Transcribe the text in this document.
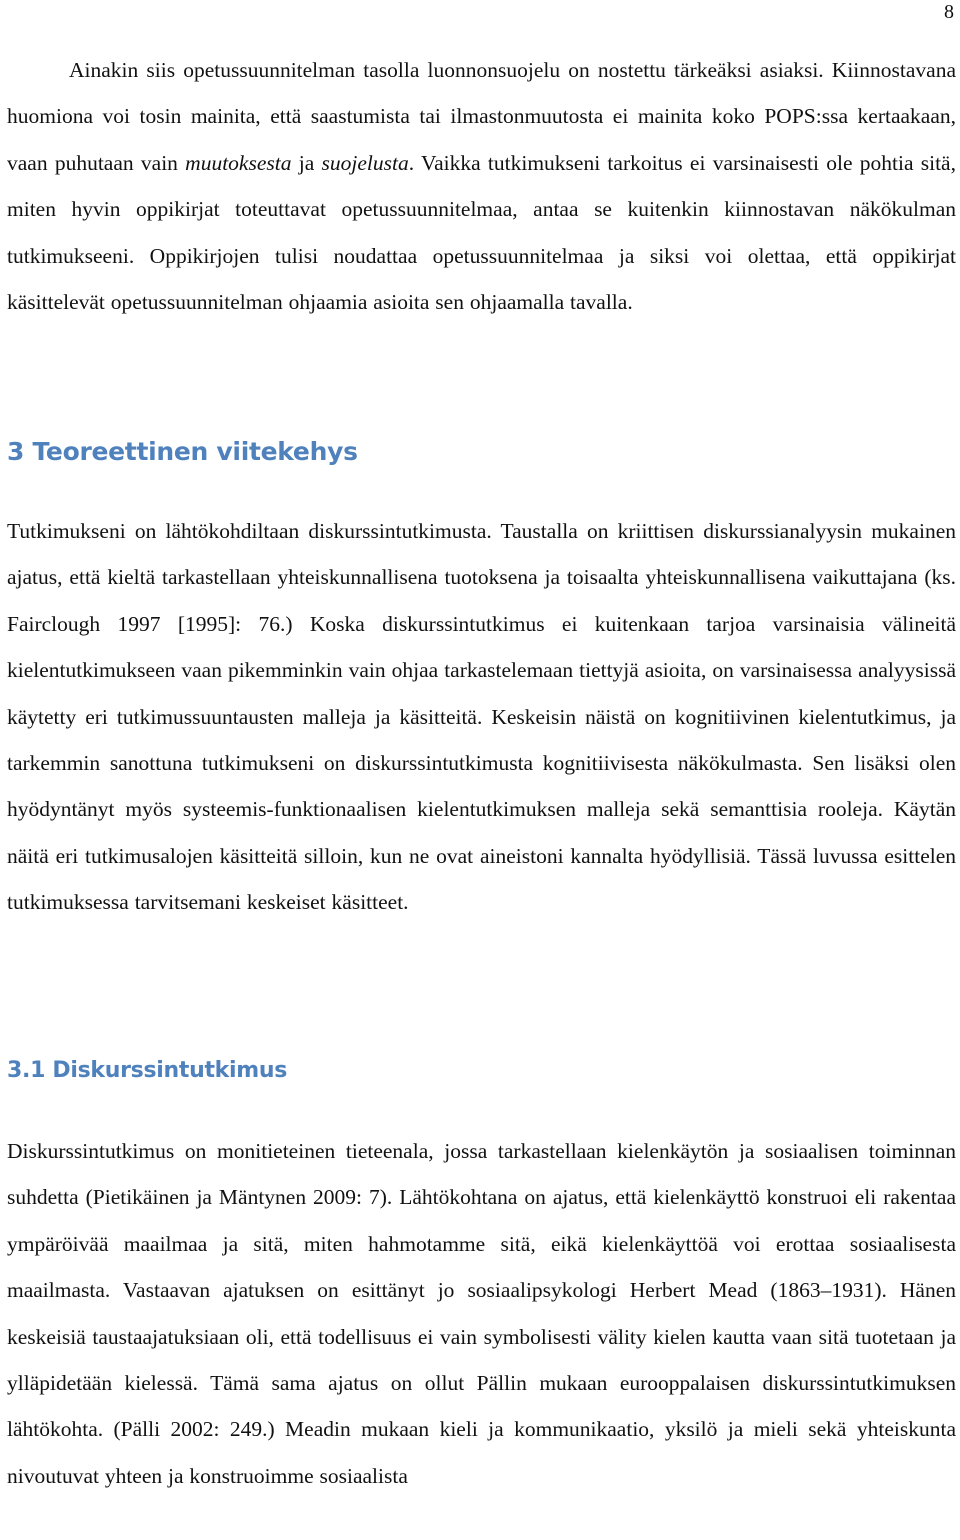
8

Ainakin siis opetussuunnitelman tasolla luonnonsuojelu on nostettu tärkeäksi asiaksi. Kiinnostavana huomiona voi tosin mainita, että saastumista tai ilmastonmuutosta ei mainita koko POPS:ssa kertaakaan, vaan puhutaan vain muutoksesta ja suojelusta. Vaikka tutkimukseni tarkoitus ei varsinaisesti ole pohtia sitä, miten hyvin oppikirjat toteuttavat opetussuunnitelmaa, antaa se kuitenkin kiinnostavan näkökulman tutkimukseeni. Oppikirjojen tulisi noudattaa opetussuunnitelmaa ja siksi voi olettaa, että oppikirjat käsittelevät opetussuunnitelman ohjaamia asioita sen ohjaamalla tavalla.

3 Teoreettinen viitekehys

Tutkimukseni on lähtökohdiltaan diskurssintutkimusta. Taustalla on kriittisen diskurssianalyysin mukainen ajatus, että kieltä tarkastellaan yhteiskunnallisena tuotoksena ja toisaalta yhteiskunnallisena vaikuttajana (ks. Fairclough 1997 [1995]: 76.) Koska diskurssintutkimus ei kuitenkaan tarjoa varsinaisia välineitä kielentutkimukseen vaan pikemminkin vain ohjaa tarkastelemaan tiettyjä asioita, on varsinaisessa analyysissä käytetty eri tutkimussuuntausten malleja ja käsitteitä. Keskeisin näistä on kognitiivinen kielentutkimus, ja tarkemmin sanottuna tutkimukseni on diskurssintutkimusta kognitiivisesta näkökulmasta. Sen lisäksi olen hyödyntänyt myös systeemis-funktionaalisen kielentutkimuksen malleja sekä semanttisia rooleja. Käytän näitä eri tutkimusalojen käsitteitä silloin, kun ne ovat aineistoni kannalta hyödyllisiä. Tässä luvussa esittelen tutkimuksessa tarvitsemani keskeiset käsitteet.

3.1 Diskurssintutkimus

Diskurssintutkimus on monitieteinen tieteenala, jossa tarkastellaan kielenkäytön ja sosiaalisen toiminnan suhdetta (Pietikäinen ja Mäntynen 2009: 7). Lähtökohtana on ajatus, että kielenkäyttö konstruoi eli rakentaa ympäröivää maailmaa ja sitä, miten hahmotamme sitä, eikä kielenkäyttöä voi erottaa sosiaalisesta maailmasta. Vastaavan ajatuksen on esittänyt jo sosiaalipsykologi Herbert Mead (1863–1931). Hänen keskeisiä taustaajatuksiaan oli, että todellisuus ei vain symbolisesti välity kielen kautta vaan sitä tuotetaan ja ylläpidetään kielessä. Tämä sama ajatus on ollut Pällin mukaan eurooppalaisen diskurssintutkimuksen lähtökohta. (Pälli 2002: 249.) Meadin mukaan kieli ja kommunikaatio, yksilö ja mieli sekä yhteiskunta nivoutuvat yhteen ja konstruoimme sosiaalista
